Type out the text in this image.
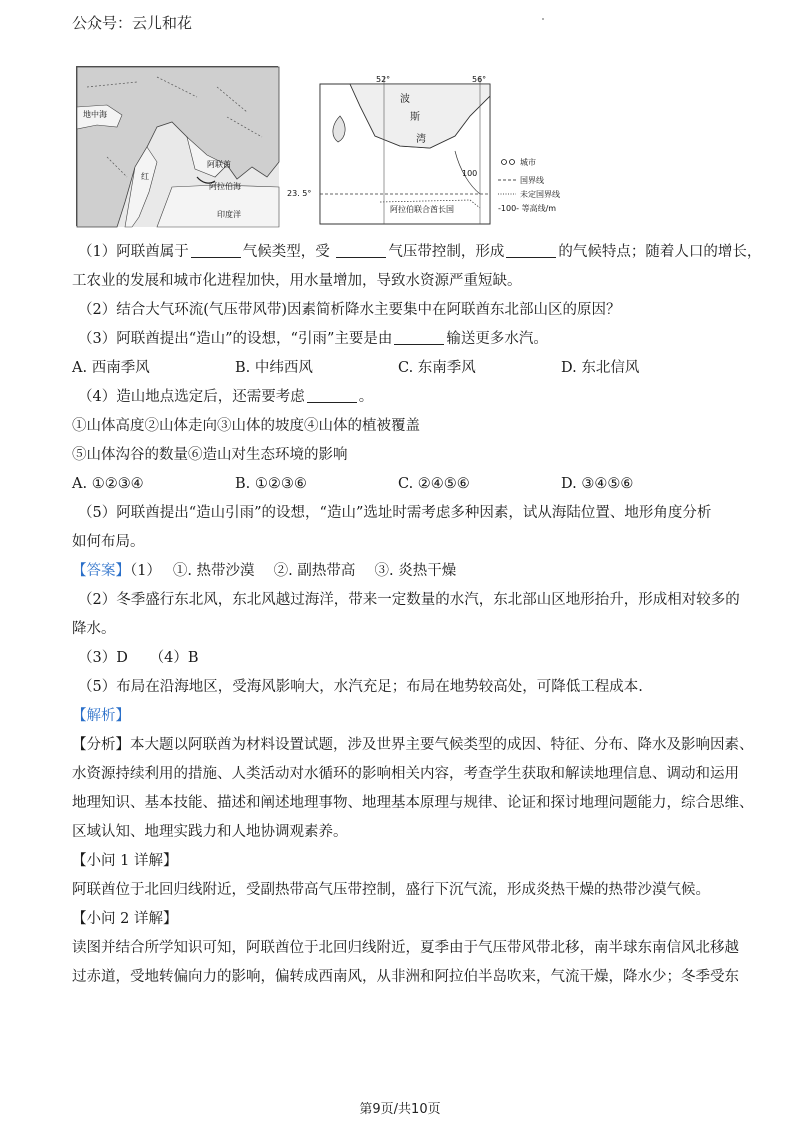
公众号：云儿和花
地中海
红
阿联酋
阿拉伯海
印度洋
52°	56°
23. 5°
波
斯
湾
100
阿拉伯联合酋长国
城市
国界线
未定国界线
-100- 等高线/m
（1）阿联酋属于	气候类型，受	气压带控制，形成	的气候特点；随着人口的增长，
工农业的发展和城市化进程加快，用水量增加，导致水资源严重短缺。
（2）结合大气环流(气压带风带)因素简析降水主要集中在阿联酋东北部山区的原因？
（3）阿联酋提出“造山”的设想，“引雨”主要是由	输送更多水汽。
A. 西南季风	B. 中纬西风	C. 东南季风	D. 东北信风
（4）造山地点选定后，还需要考虑	。
①山体高度②山体走向③山体的坡度④山体的植被覆盖
⑤山体沟谷的数量⑥造山对生态环境的影响
A. ①②③④	B. ①②③⑥	C. ②④⑤⑥	D. ③④⑤⑥
（5）阿联酋提出“造山引雨”的设想，“造山”选址时需考虑多种因素，试从海陆位置、地形角度分析
如何布局。
【答案】（1）　 ①. 热带沙漠　 ②. 副热带高　 ③. 炎热干燥
（2）冬季盛行东北风，东北风越过海洋，带来一定数量的水汽，东北部山区地形抬升，形成相对较多的
降水。
（3）D　　（4）B
（5）布局在沿海地区，受海风影响大，水汽充足；布局在地势较高处，可降低工程成本.
【解析】
【分析】本大题以阿联酋为材料设置试题，涉及世界主要气候类型的成因、特征、分布、降水及影响因素、
水资源持续利用的措施、人类活动对水循环的影响相关内容，考查学生获取和解读地理信息、调动和运用
地理知识、基本技能、描述和阐述地理事物、地理基本原理与规律、论证和探讨地理问题能力，综合思维、
区域认知、地理实践力和人地协调观素养。
【小问 1 详解】
阿联酋位于北回归线附近，受副热带高气压带控制，盛行下沉气流，形成炎热干燥的热带沙漠气候。
【小问 2 详解】
读图并结合所学知识可知，阿联酋位于北回归线附近，夏季由于气压带风带北移，南半球东南信风北移越
过赤道，受地转偏向力的影响，偏转成西南风，从非洲和阿拉伯半岛吹来，气流干燥，降水少；冬季受东
第9页/共10页
